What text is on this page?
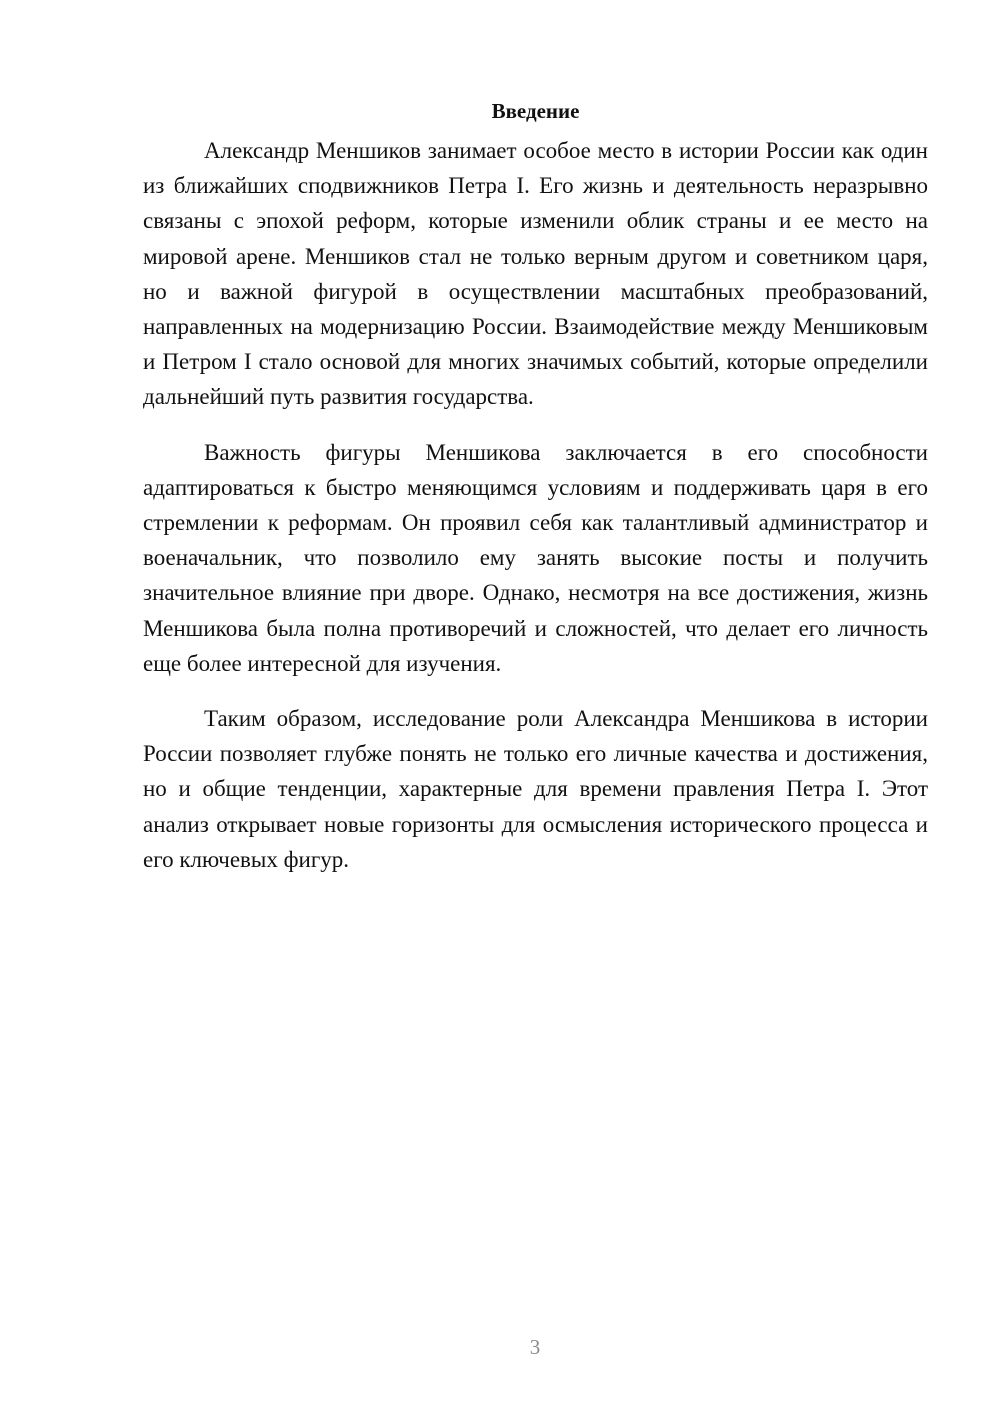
Введение

Александр Меншиков занимает особое место в истории России как один из ближайших сподвижников Петра I. Его жизнь и деятельность неразрывно связаны с эпохой реформ, которые изменили облик страны и ее место на мировой арене. Меншиков стал не только верным другом и советником царя, но и важной фигурой в осуществлении масштабных преобразований, направленных на модернизацию России. Взаимодействие между Меншиковым и Петром I стало основой для многих значимых событий, которые определили дальнейший путь развития государства.

Важность фигуры Меншикова заключается в его способности адаптироваться к быстро меняющимся условиям и поддерживать царя в его стремлении к реформам. Он проявил себя как талантливый администратор и военачальник, что позволило ему занять высокие посты и получить значительное влияние при дворе. Однако, несмотря на все достижения, жизнь Меншикова была полна противоречий и сложностей, что делает его личность еще более интересной для изучения.

Таким образом, исследование роли Александра Меншикова в истории России позволяет глубже понять не только его личные качества и достижения, но и общие тенденции, характерные для времени правления Петра I. Этот анализ открывает новые горизонты для осмысления исторического процесса и его ключевых фигур.

3
